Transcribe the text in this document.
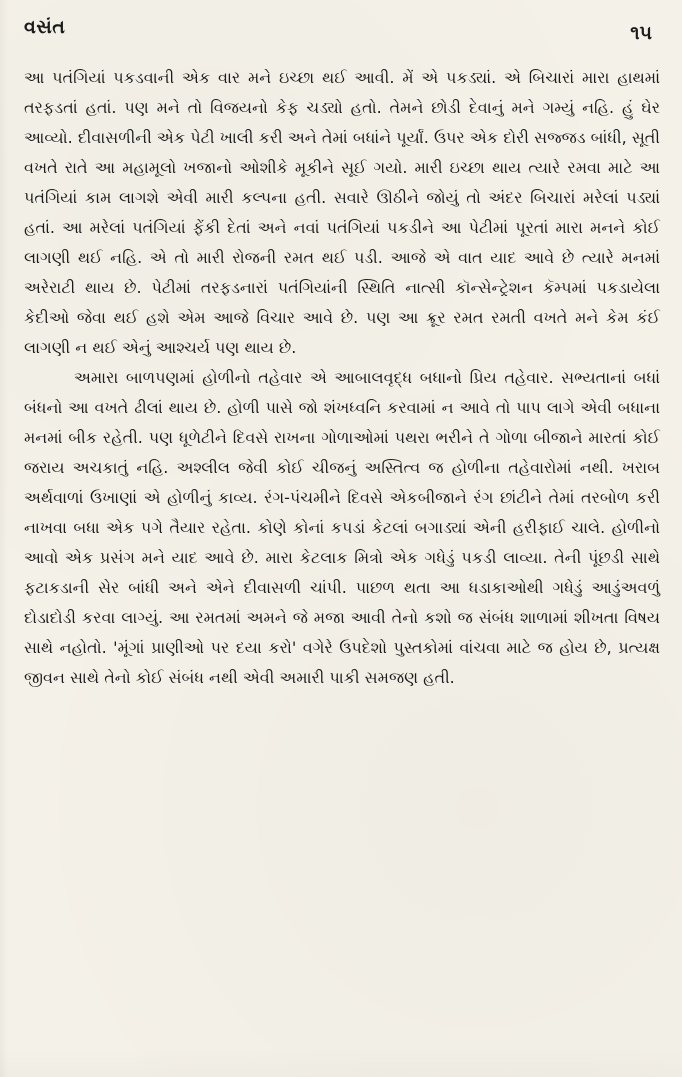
વસંત	૧૫

આ પતંગિયાં પકડવાની એક વાર મને ઇચ્છા થઈ આવી. મેં એ પકડ્યાં. એ બિચારાં મારા હાથમાં તરફડતાં હતાં. પણ મને તો વિજયનો કેફ ચડ્યો હતો. તેમને છોડી દેવાનું મને ગમ્યું નહિ. હું ઘેર આવ્યો. દીવાસળીની એક પેટી ખાલી કરી અને તેમાં બધાંને પૂર્યાં. ઉપર એક દોરી સજ્જડ બાંધી, સૂતી વખતે રાતે આ મહામૂલો ખજાનો ઓશીકે મૂકીને સૂઈ ગયો. મારી ઇચ્છા થાય ત્યારે રમવા માટે આ પતંગિયાં કામ લાગશે એવી મારી કલ્પના હતી. સવારે ઊઠીને જોયું તો અંદર બિચારાં મરેલાં પડ્યાં હતાં. આ મરેલાં પતંગિયાં ફેંકી દેતાં અને નવાં પતંગિયાં પકડીને આ પેટીમાં પૂરતાં મારા મનને કોઈ લાગણી થઈ નહિ. એ તો મારી રોજની રમત થઈ પડી. આજે એ વાત યાદ આવે છે ત્યારે મનમાં અરેરાટી થાય છે. પેટીમાં તરફડનારાં પતંગિયાંની સ્થિતિ નાત્સી કૉન્સેન્ટ્રેશન કૅમ્પમાં પકડાયેલા કેદીઓ જેવા થઈ હશે એમ આજે વિચાર આવે છે. પણ આ ક્રૂર રમત રમતી વખતે મને કેમ કંઈ લાગણી ન થઈ એનું આશ્ચર્ય પણ થાય છે.

અમારા બાળપણમાં હોળીનો તહેવાર એ આબાલવૃદ્ધ બધાનો પ્રિય તહેવાર. સભ્યતાનાં બધાં બંધનો આ વખતે ઢીલાં થાય છે. હોળી પાસે જો શંખધ્વનિ કરવામાં ન આવે તો પાપ લાગે એવી બધાના મનમાં બીક રહેતી. પણ ધૂળેટીને દિવસે રાખના ગોળાઓમાં પથરા ભરીને તે ગોળા બીજાને મારતાં કોઈ જરાય અચકાતું નહિ. અશ્લીલ જેવી કોઈ ચીજનું અસ્તિત્વ જ હોળીના તહેવારોમાં નથી. ખરાબ અર્થવાળાં ઉખાણાં એ હોળીનું કાવ્ય. રંગ-પંચમીને દિવસે એકબીજાને રંગ છાંટીને તેમાં તરબોળ કરી નાખવા બધા એક પગે તૈયાર રહેતા. કોણે કોનાં કપડાં કેટલાં બગાડ્યાં એની હરીફાઈ ચાલે. હોળીનો આવો એક પ્રસંગ મને યાદ આવે છે. મારા કેટલાક મિત્રો એક ગધેડું પકડી લાવ્યા. તેની પૂંછડી સાથે ફટાકડાની સેર બાંધી અને એને દીવાસળી ચાંપી. પાછળ થતા આ ધડાકાઓથી ગધેડું આડુંઅવળું દોડાદોડી કરવા લાગ્યું. આ રમતમાં અમને જે મજા આવી તેનો કશો જ સંબંધ શાળામાં શીખતા વિષય સાથે નહોતો. 'મૂંગાં પ્રાણીઓ પર દયા કરો' વગેરે ઉપદેશો પુસ્તકોમાં વાંચવા માટે જ હોય છે, પ્રત્યક્ષ જીવન સાથે તેનો કોઈ સંબંધ નથી એવી અમારી પાકી સમજણ હતી.
